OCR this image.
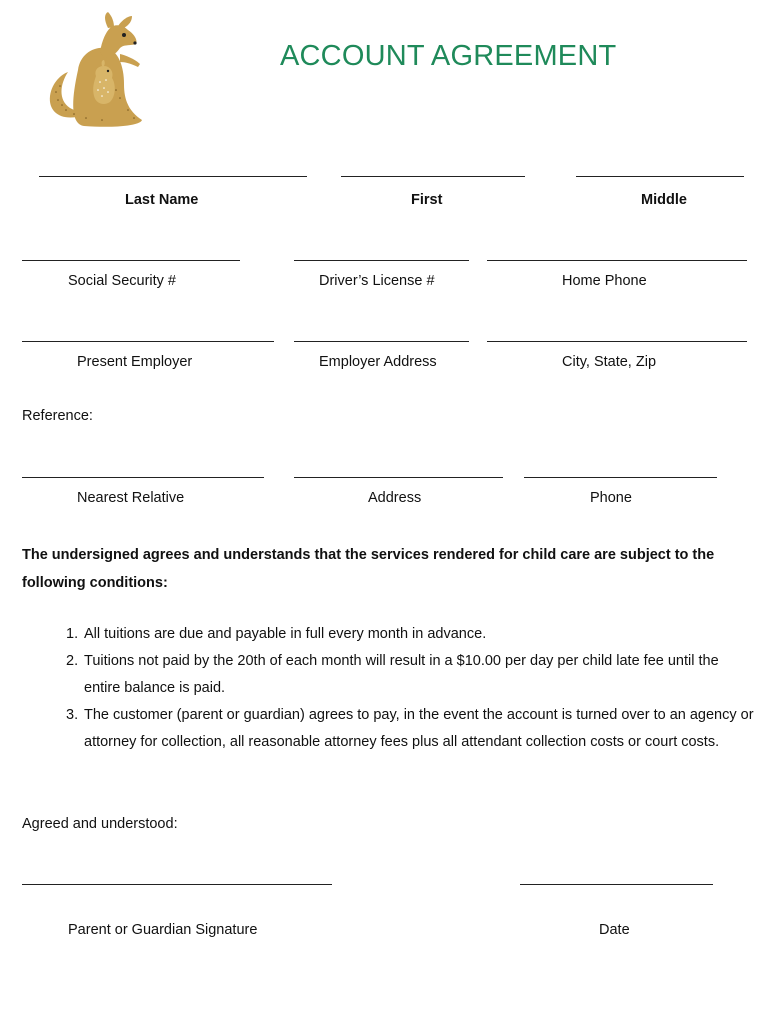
ACCOUNT AGREEMENT
Last Name	First	Middle
Social Security #	Driver’s License #	Home Phone
Present Employer	Employer Address	City, State, Zip
Reference:
Nearest Relative	Address	Phone
The undersigned agrees and understands that the services rendered for child care are subject to the following conditions:
1. All tuitions are due and payable in full every month in advance.
2. Tuitions not paid by the 20th of each month will result in a $10.00 per day per child late fee until the entire balance is paid.
3. The customer (parent or guardian) agrees to pay, in the event the account is turned over to an agency or attorney for collection, all reasonable attorney fees plus all attendant collection costs or court costs.
Agreed and understood:
Parent or Guardian Signature	Date
